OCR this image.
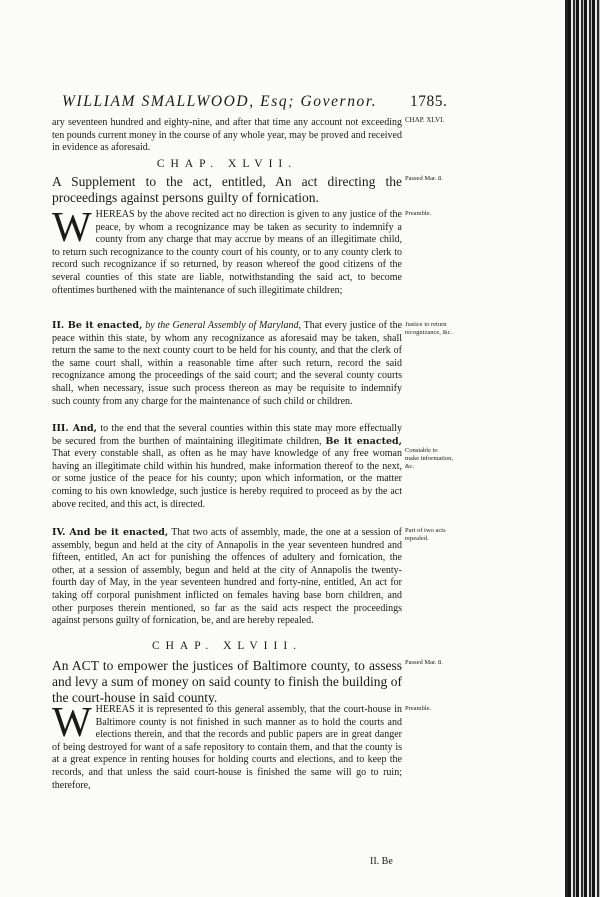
WILLIAM SMALLWOOD, Esq; Governor. 1785.

ary seventeen hundred and eighty-nine, and after that time any account not exceeding ten pounds current money in the course of any whole year, may be proved and received in evidence as aforesaid.

CHAP. XLVI.
CHAP. XLVII.
A Supplement to the act, entitled, An act directing the proceedings against persons guilty of fornication.
Passed Mar. 8.

WHEREAS by the above recited act no direction is given to any justice of the peace, by whom a recognizance may be taken as security to indemnify a county from any charge that may accrue by means of an illegitimate child, to return such recognizance to the county court of his county, or to any county clerk to record such recognizance if so returned, by reason whereof the good citizens of the several counties of this state are liable, notwithstanding the said act, to become oftentimes burthened with the maintenance of such illegitimate children;

Preamble.

II. Be it enacted, by the General Assembly of Maryland, That every justice of the peace within this state, by whom any recognizance as aforesaid may be taken, shall return the same to the next county court to be held for his county, and that the clerk of the same court shall, within a reasonable time after such return, record the said recognizance among the proceedings of the said court; and the several county courts shall, when necessary, issue such process thereon as may be requisite to indemnify such county from any charge for the maintenance of such child or children.

Justice to return recognizance, &c.

III. And, to the end that the several counties within this state may more effectually be secured from the burthen of maintaining illegitimate children, Be it enacted, That every constable shall, as often as he may have knowledge of any free woman having an illegitimate child within his hundred, make information thereof to the next, or some justice of the peace for his county; upon which information, or the matter coming to his own knowledge, such justice is hereby required to proceed as by the act above recited, and this act, is directed.

Constable to make information, &c.

IV. And be it enacted, That two acts of assembly, made, the one at a session of assembly, begun and held at the city of Annapolis in the year seventeen hundred and fifteen, entitled, An act for punishing the offences of adultery and fornication, the other, at a session of assembly, begun and held at the city of Annapolis the twenty-fourth day of May, in the year seventeen hundred and forty-nine, entitled, An act for taking off corporal punishment inflicted on females having base born children, and other purposes therein mentioned, so far as the said acts respect the proceedings against persons guilty of fornication, be, and are hereby repealed.

Part of two acts repealed.
CHAP. XLVIII.
An ACT to empower the justices of Baltimore county, to assess and levy a sum of money on said county to finish the building of the court-house in said county.
Passed Mar. 8.

WHEREAS it is represented to this general assembly, that the court-house in Baltimore county is not finished in such manner as to hold the courts and elections therein, and that the records and public papers are in great danger of being destroyed for want of a safe repository to contain them, and that the county is at a great expence in renting houses for holding courts and elections, and to keep the records, and that unless the said court-house is finished the same will go to ruin; therefore,

Preamble.
II. Be
